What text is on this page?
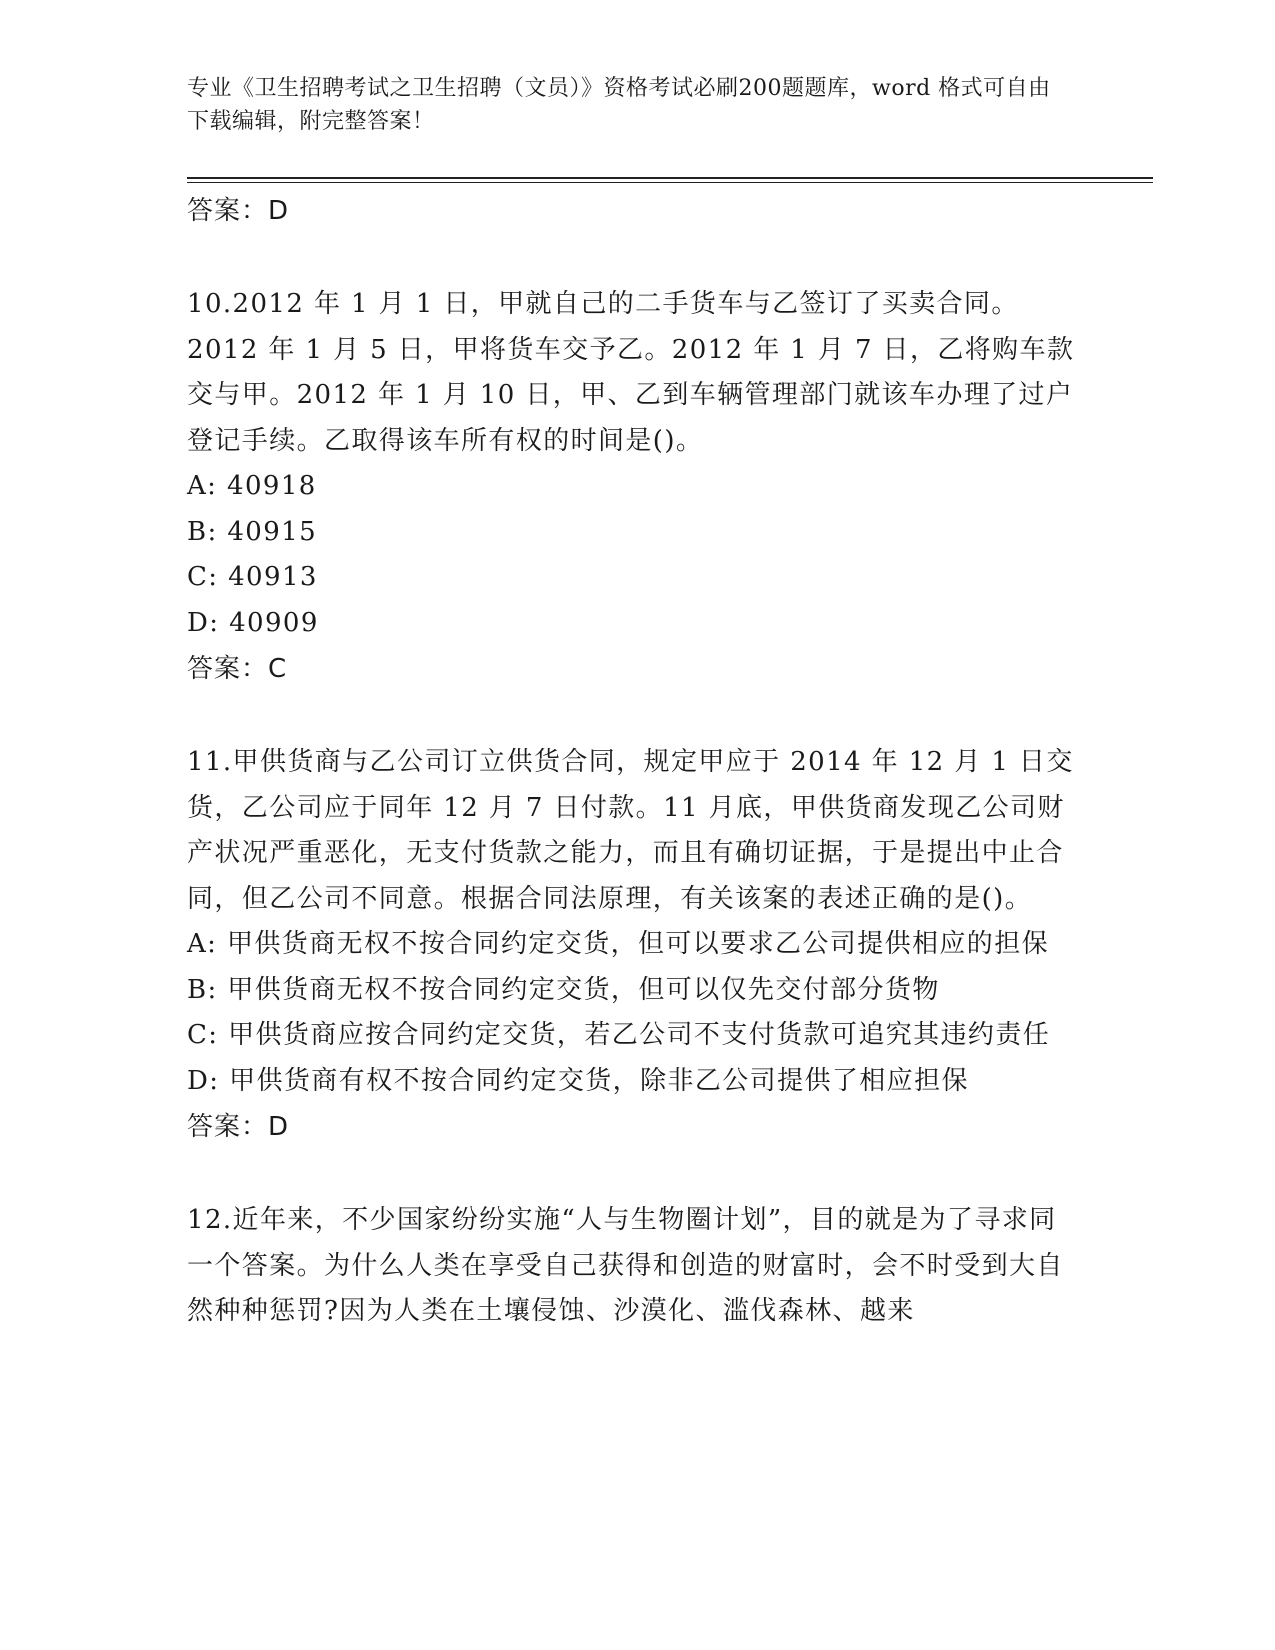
专业《卫生招聘考试之卫生招聘（文员）》资格考试必刷200题题库，word 格式可自由下载编辑，附完整答案！
答案：D

10.2012 年 1 月 1 日，甲就自己的二手货车与乙签订了买卖合同。2012 年 1 月 5 日，甲将货车交予乙。2012 年 1 月 7 日，乙将购车款交与甲。2012 年 1 月 10 日，甲、乙到车辆管理部门就该车办理了过户登记手续。乙取得该车所有权的时间是()。

A: 40918

B: 40915

C: 40913

D: 40909

答案：C

11.甲供货商与乙公司订立供货合同，规定甲应于 2014 年 12 月 1 日交货，乙公司应于同年 12 月 7 日付款。11 月底，甲供货商发现乙公司财产状况严重恶化，无支付货款之能力，而且有确切证据，于是提出中止合同，但乙公司不同意。根据合同法原理，有关该案的表述正确的是()。

A: 甲供货商无权不按合同约定交货，但可以要求乙公司提供相应的担保

B: 甲供货商无权不按合同约定交货，但可以仅先交付部分货物

C: 甲供货商应按合同约定交货，若乙公司不支付货款可追究其违约责任

D: 甲供货商有权不按合同约定交货，除非乙公司提供了相应担保

答案：D

12.近年来，不少国家纷纷实施“人与生物圈计划”，目的就是为了寻求同一个答案。为什么人类在享受自己获得和创造的财富时，会不时受到大自然种种惩罚?因为人类在土壤侵蚀、沙漠化、滥伐森林、越来
